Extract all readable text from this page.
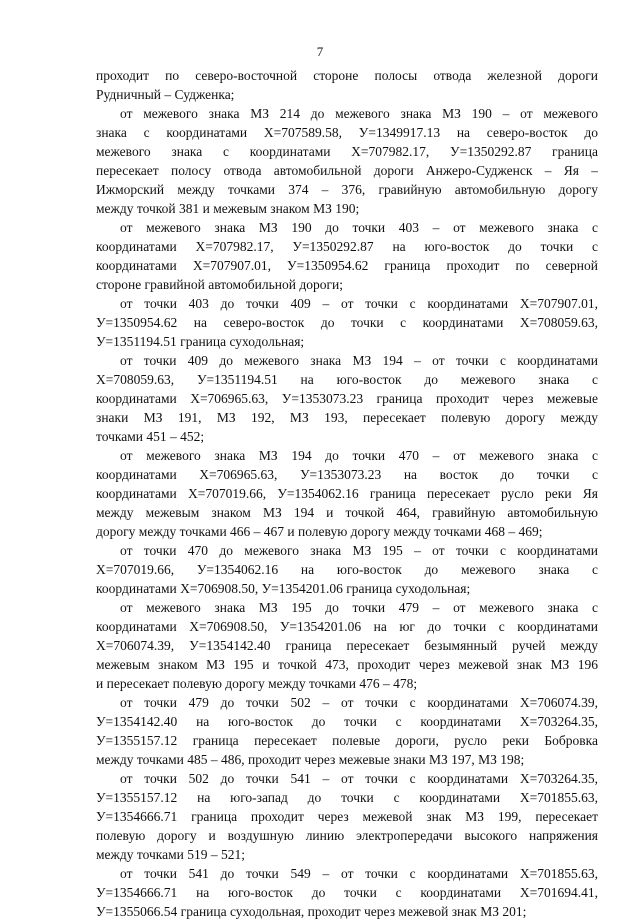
7
проходит по северо-восточной стороне полосы отвода железной дороги
Рудничный – Судженка;
от межевого знака МЗ 214 до межевого знака МЗ 190 – от межевого
знака с координатами Х=707589.58, У=1349917.13 на северо-восток до
межевого знака с координатами Х=707982.17, У=1350292.87 граница
пересекает полосу отвода автомобильной дороги Анжеро-Судженск – Яя –
Ижморский между точками 374 – 376, гравийную автомобильную дорогу
между точкой 381 и межевым знаком МЗ 190;
от межевого знака МЗ 190 до точки 403 – от межевого знака с
координатами Х=707982.17, У=1350292.87 на юго-восток до точки с
координатами Х=707907.01, У=1350954.62 граница проходит по северной
стороне гравийной автомобильной дороги;
от точки 403 до точки 409 – от точки с координатами Х=707907.01,
У=1350954.62 на северо-восток до точки с координатами Х=708059.63,
У=1351194.51 граница суходольная;
от точки 409 до межевого знака МЗ 194 – от точки с координатами
Х=708059.63, У=1351194.51 на юго-восток до межевого знака с
координатами Х=706965.63, У=1353073.23 граница проходит через межевые
знаки МЗ 191, МЗ 192, МЗ 193, пересекает полевую дорогу между
точками 451 – 452;
от межевого знака МЗ 194 до точки 470 – от межевого знака с
координатами Х=706965.63, У=1353073.23 на восток до точки с
координатами Х=707019.66, У=1354062.16 граница пересекает русло реки Яя
между межевым знаком МЗ 194 и точкой 464, гравийную автомобильную
дорогу между точками 466 – 467 и полевую дорогу между точками 468 – 469;
от точки 470 до межевого знака МЗ 195 – от точки с координатами
Х=707019.66, У=1354062.16 на юго-восток до межевого знака с
координатами Х=706908.50, У=1354201.06 граница суходольная;
от межевого знака МЗ 195 до точки 479 – от межевого знака с
координатами Х=706908.50, У=1354201.06 на юг до точки с координатами
Х=706074.39, У=1354142.40 граница пересекает безымянный ручей между
межевым знаком МЗ 195 и точкой 473, проходит через межевой знак МЗ 196
и пересекает полевую дорогу между точками 476 – 478;
от точки 479 до точки 502 – от точки с координатами Х=706074.39,
У=1354142.40 на юго-восток до точки с координатами Х=703264.35,
У=1355157.12 граница пересекает полевые дороги, русло реки Бобровка
между точками 485 – 486, проходит через межевые знаки МЗ 197, МЗ 198;
от точки 502 до точки 541 – от точки с координатами Х=703264.35,
У=1355157.12 на юго-запад до точки с координатами Х=701855.63,
У=1354666.71 граница проходит через межевой знак МЗ 199, пересекает
полевую дорогу и воздушную линию электропередачи высокого напряжения
между точками 519 – 521;
от точки 541 до точки 549 – от точки с координатами Х=701855.63,
У=1354666.71 на юго-восток до точки с координатами Х=701694.41,
У=1355066.54 граница суходольная, проходит через межевой знак МЗ 201;
